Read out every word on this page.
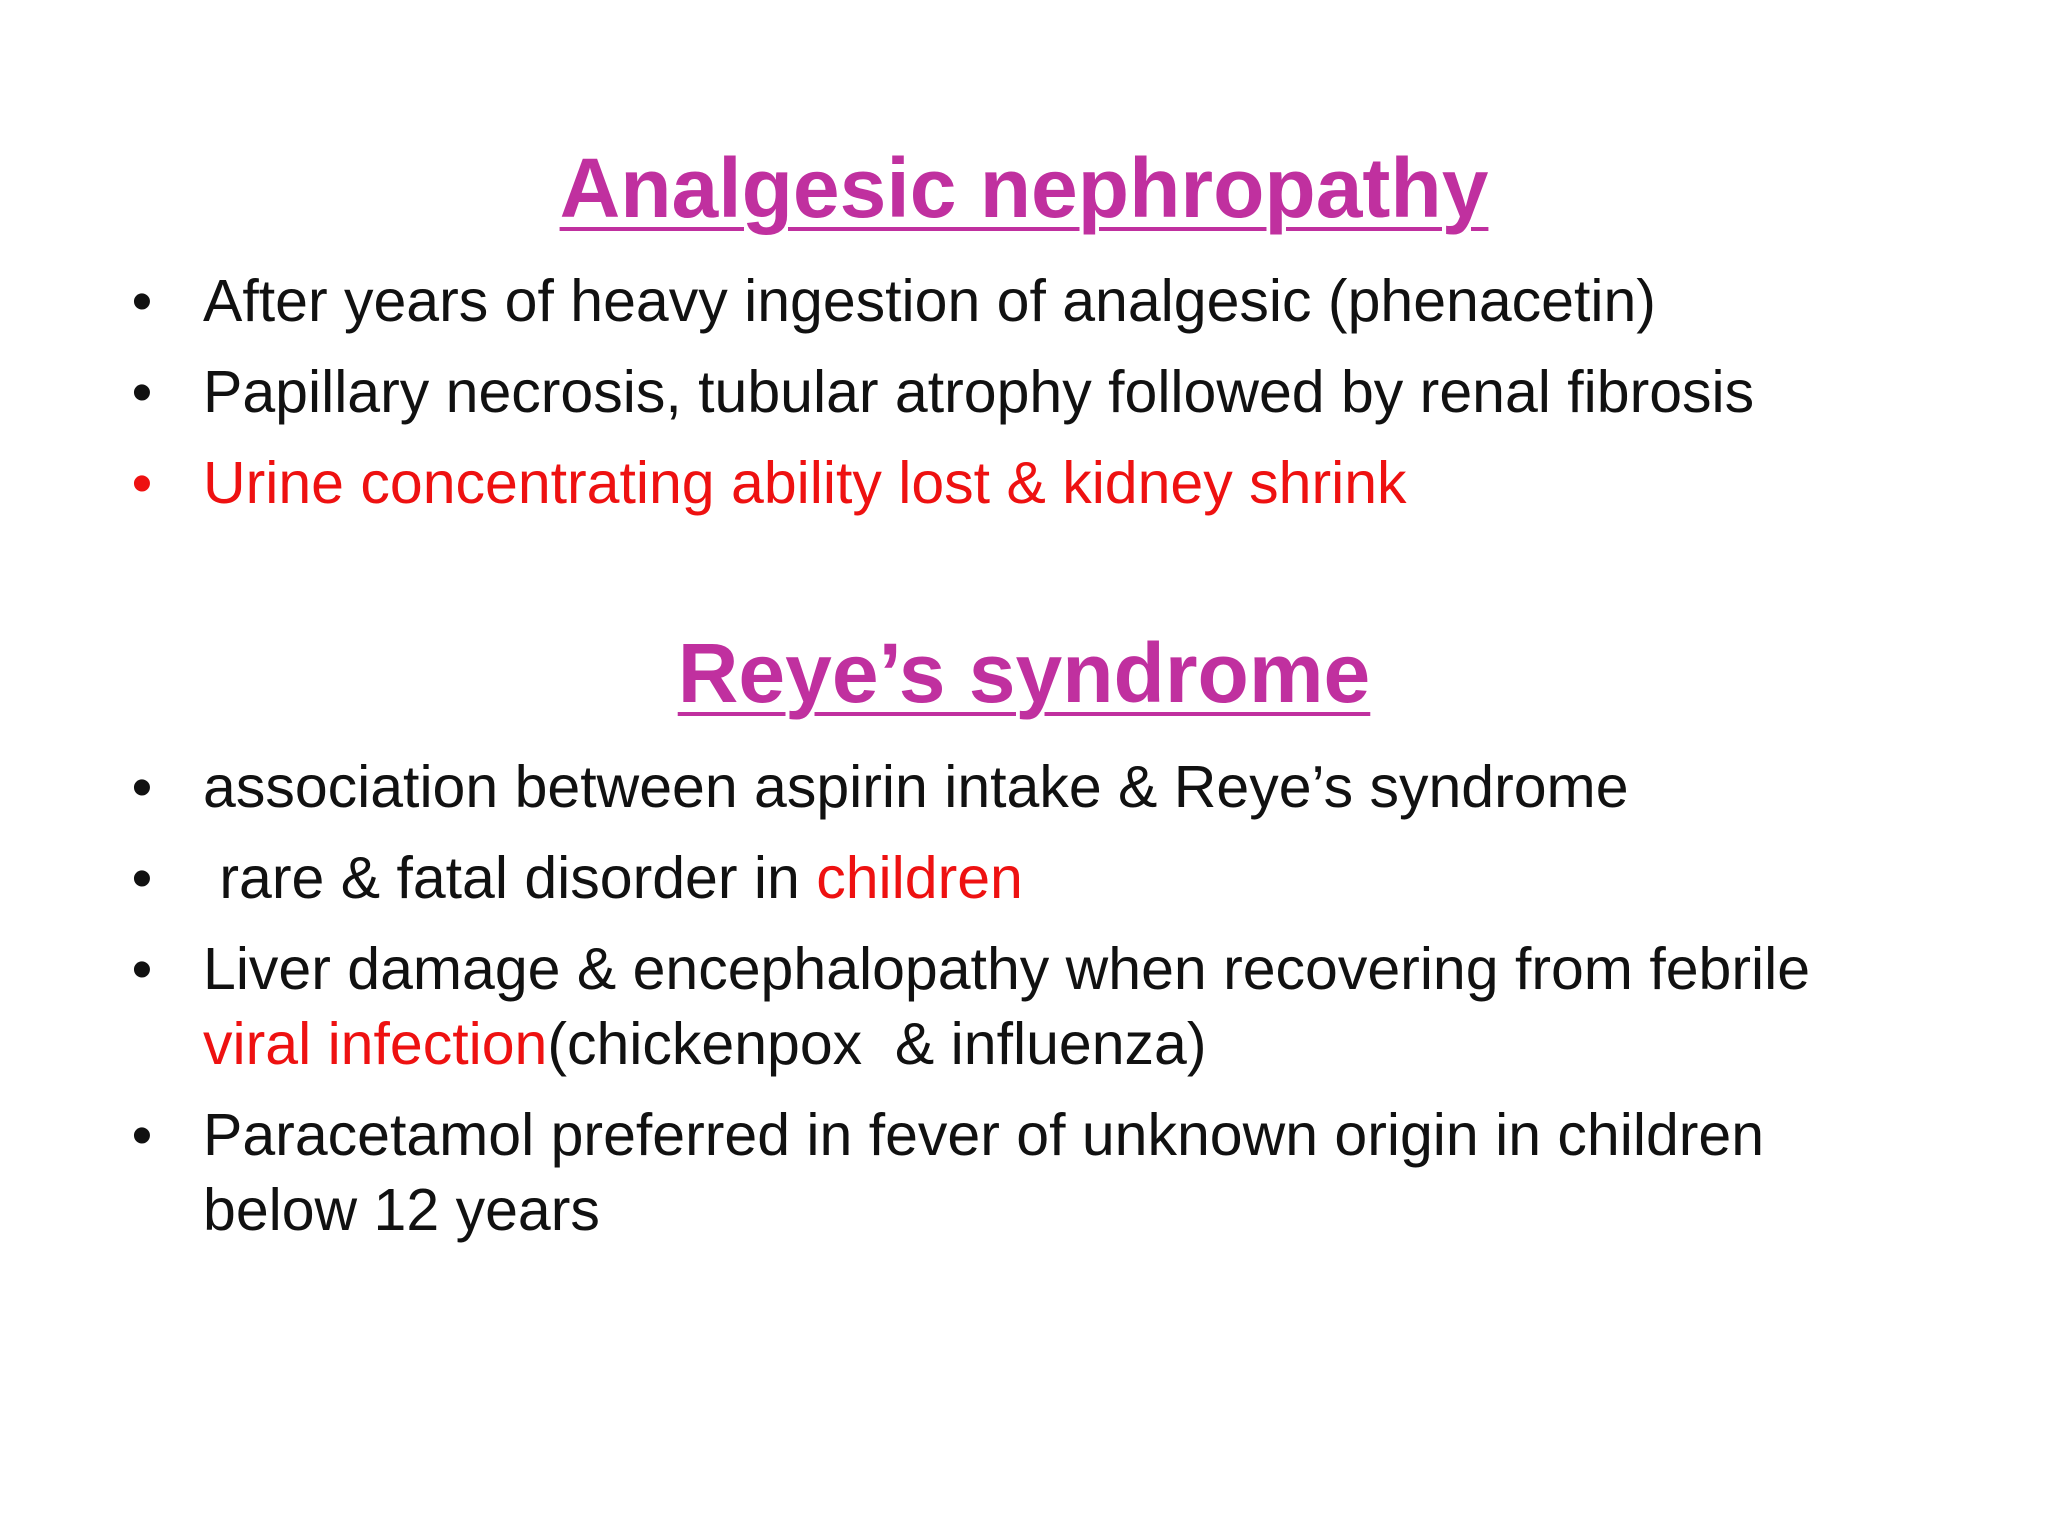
Analgesic nephropathy
• After years of heavy ingestion of analgesic (phenacetin)
• Papillary necrosis, tubular atrophy followed by renal fibrosis
• Urine concentrating ability lost & kidney shrink
Reye’s syndrome
• association between aspirin intake & Reye’s syndrome
• rare & fatal disorder in children
• Liver damage & encephalopathy when recovering from febrile
viral infection(chickenpox  & influenza)
• Paracetamol preferred in fever of unknown origin in children
below 12 years
